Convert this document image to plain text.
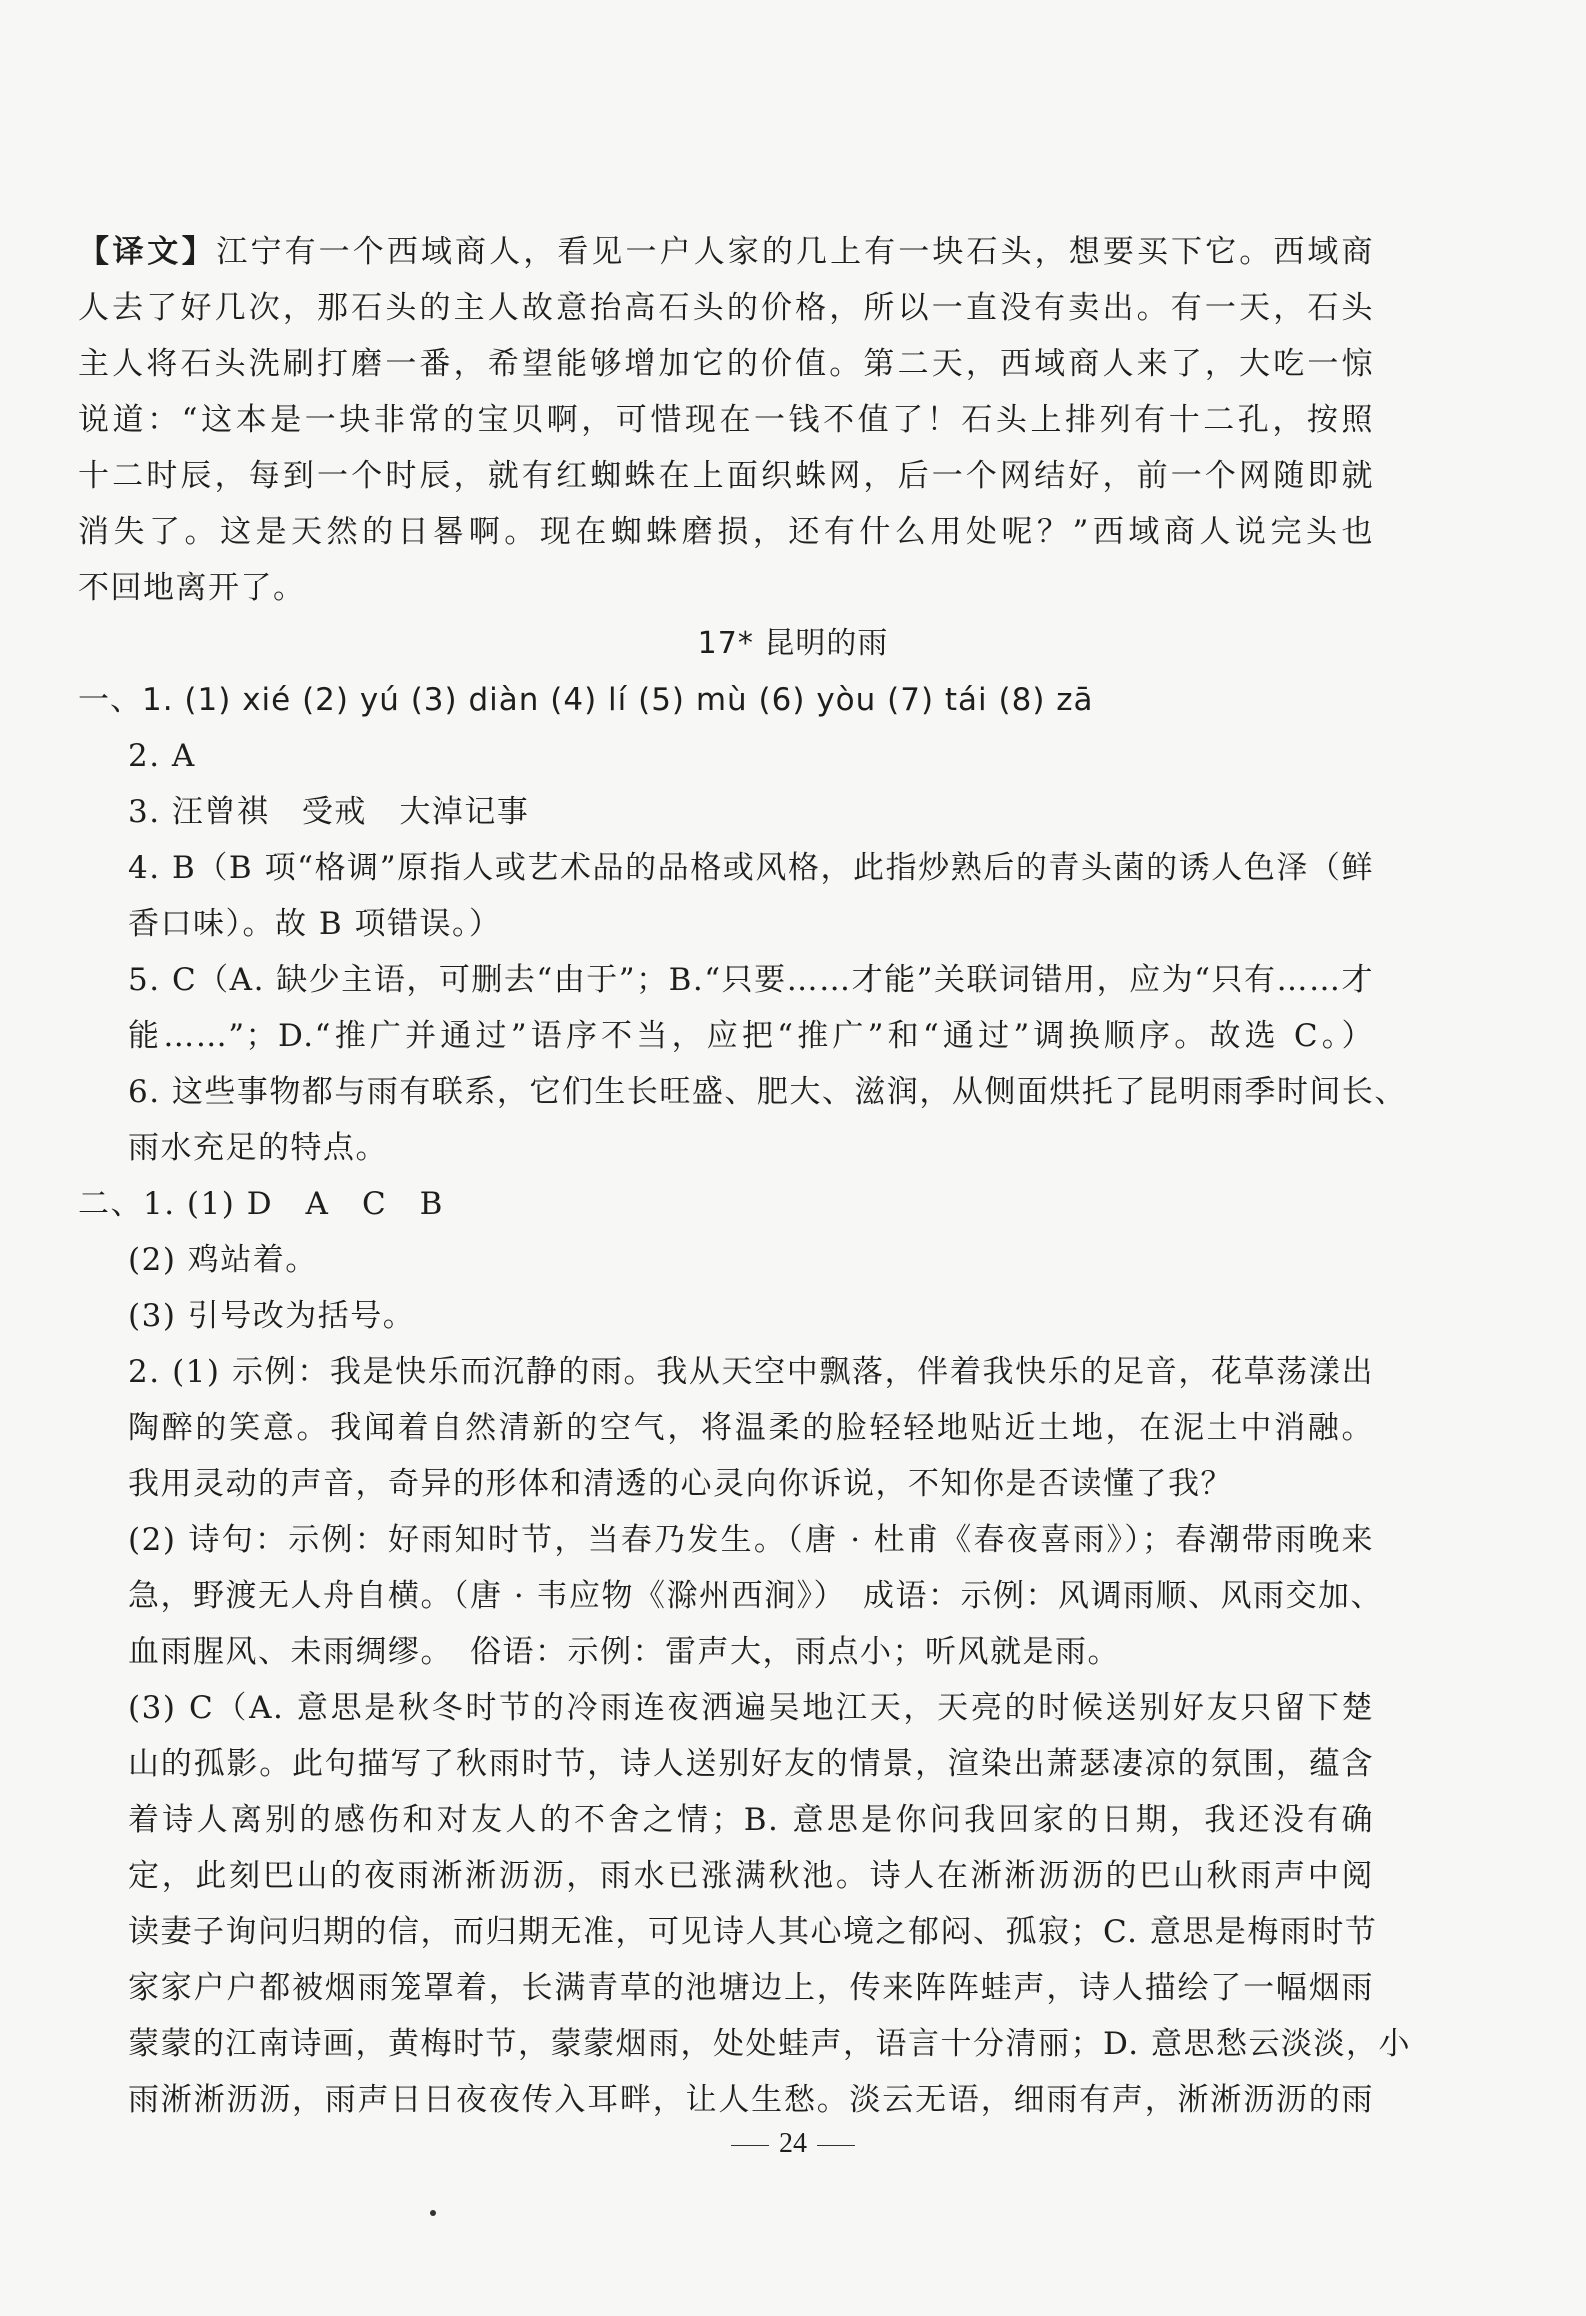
【译文】江宁有一个西域商人，看见一户人家的几上有一块石头，想要买下它。西域商
人去了好几次，那石头的主人故意抬高石头的价格，所以一直没有卖出。有一天，石头
主人将石头洗刷打磨一番，希望能够增加它的价值。第二天，西域商人来了，大吃一惊
说道：“这本是一块非常的宝贝啊，可惜现在一钱不值了！石头上排列有十二孔，按照
十二时辰，每到一个时辰，就有红蜘蛛在上面织蛛网，后一个网结好，前一个网随即就
消失了。这是天然的日晷啊。现在蜘蛛磨损，还有什么用处呢？”西域商人说完头也
不回地离开了。
17* 昆明的雨
一、1. (1) xié (2) yú (3) diàn (4) lí (5) mù (6) yòu (7) tái (8) zā
2. A
3. 汪曾祺　受戒　大淖记事
4. B（B 项“格调”原指人或艺术品的品格或风格，此指炒熟后的青头菌的诱人色泽（鲜
香口味）。故 B 项错误。）
5. C（A. 缺少主语，可删去“由于”；B.“只要……才能”关联词错用，应为“只有……才
能……”；D.“推广并通过”语序不当，应把“推广”和“通过”调换顺序。故选 C。）
6. 这些事物都与雨有联系，它们生长旺盛、肥大、滋润，从侧面烘托了昆明雨季时间长、
雨水充足的特点。
二、1. (1) D　A　C　B
(2) 鸡站着。
(3) 引号改为括号。
2. (1) 示例：我是快乐而沉静的雨。我从天空中飘落，伴着我快乐的足音，花草荡漾出
陶醉的笑意。我闻着自然清新的空气，将温柔的脸轻轻地贴近土地，在泥土中消融。
我用灵动的声音，奇异的形体和清透的心灵向你诉说，不知你是否读懂了我？
(2) 诗句：示例：好雨知时节，当春乃发生。（唐 · 杜甫《春夜喜雨》）；春潮带雨晚来
急，野渡无人舟自横。（唐 · 韦应物《滁州西涧》）　成语：示例：风调雨顺、风雨交加、
血雨腥风、未雨绸缪。　俗语：示例：雷声大，雨点小；听风就是雨。
(3) C（A. 意思是秋冬时节的冷雨连夜洒遍吴地江天，天亮的时候送别好友只留下楚
山的孤影。此句描写了秋雨时节，诗人送别好友的情景，渲染出萧瑟凄凉的氛围，蕴含
着诗人离别的感伤和对友人的不舍之情；B. 意思是你问我回家的日期，我还没有确
定，此刻巴山的夜雨淅淅沥沥，雨水已涨满秋池。诗人在淅淅沥沥的巴山秋雨声中阅
读妻子询问归期的信，而归期无准，可见诗人其心境之郁闷、孤寂；C. 意思是梅雨时节
家家户户都被烟雨笼罩着，长满青草的池塘边上，传来阵阵蛙声，诗人描绘了一幅烟雨
蒙蒙的江南诗画，黄梅时节，蒙蒙烟雨，处处蛙声，语言十分清丽；D. 意思愁云淡淡，小
雨淅淅沥沥，雨声日日夜夜传入耳畔，让人生愁。淡云无语，细雨有声，淅淅沥沥的雨
24
